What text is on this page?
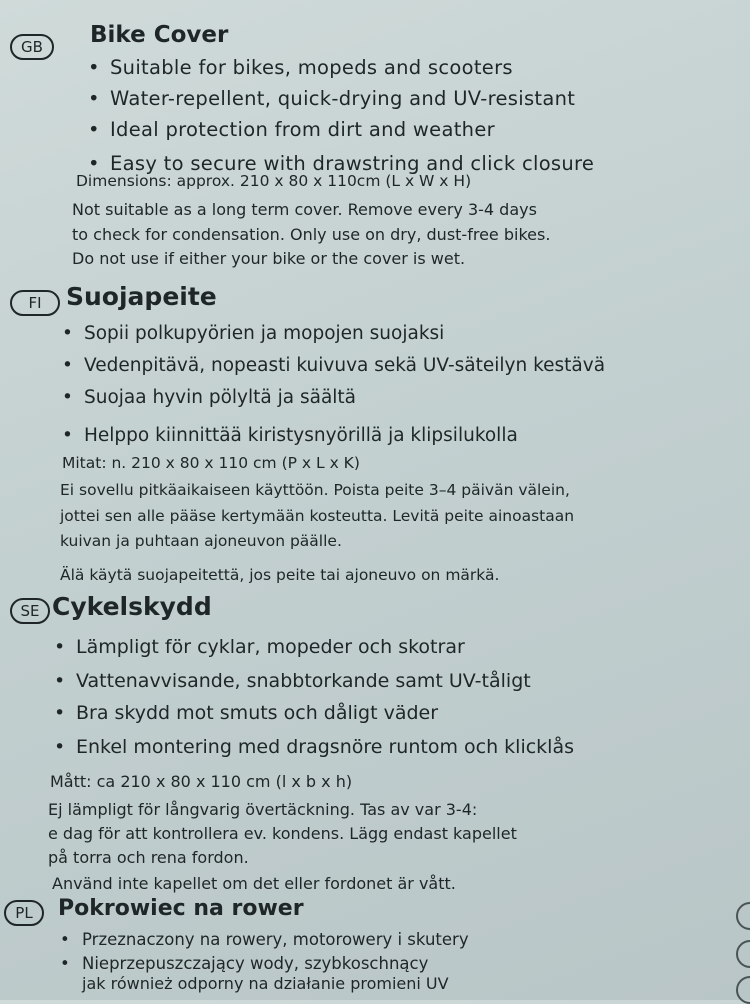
GB	Bike Cover
• Suitable for bikes, mopeds and scooters
• Water-repellent, quick-drying and UV-resistant
• Ideal protection from dirt and weather
• Easy to secure with drawstring and click closure
Dimensions: approx. 210 x 80 x 110cm (L x W x H)
Not suitable as a long term cover. Remove every 3-4 days
to check for condensation. Only use on dry, dust-free bikes.
Do not use if either your bike or the cover is wet.
FI Suojapeite
• Sopii polkupyörien ja mopojen suojaksi
• Vedenpitävä, nopeasti kuivuva sekä UV-säteilyn kestävä
• Suojaa hyvin pölyltä ja säältä
• Helppo kiinnittää kiristysnyörillä ja klipsilukolla
Mitat: n. 210 x 80 x 110 cm (P x L x K)
Ei sovellu pitkäaikaiseen käyttöön. Poista peite 3–4 päivän välein,
jottei sen alle pääse kertymään kosteutta. Levitä peite ainoastaan
kuivan ja puhtaan ajoneuvon päälle.
Älä käytä suojapeitettä, jos peite tai ajoneuvo on märkä.
SE Cykelskydd
• Lämpligt för cyklar, mopeder och skotrar
• Vattenavvisande, snabbtorkande samt UV-tåligt
• Bra skydd mot smuts och dåligt väder
• Enkel montering med dragsnöre runtom och klicklås
Mått: ca 210 x 80 x 110 cm (l x b x h)
Ej lämpligt för långvarig övertäckning. Tas av var 3-4:
e dag för att kontrollera ev. kondens. Lägg endast kapellet
på torra och rena fordon.
Använd inte kapellet om det eller fordonet är vått.
PL	Pokrowiec na rower
• Przeznaczony na rowery, motorowery i skutery
• Nieprzepuszczający wody, szybkoschnący
jak również odporny na działanie promieni UV
